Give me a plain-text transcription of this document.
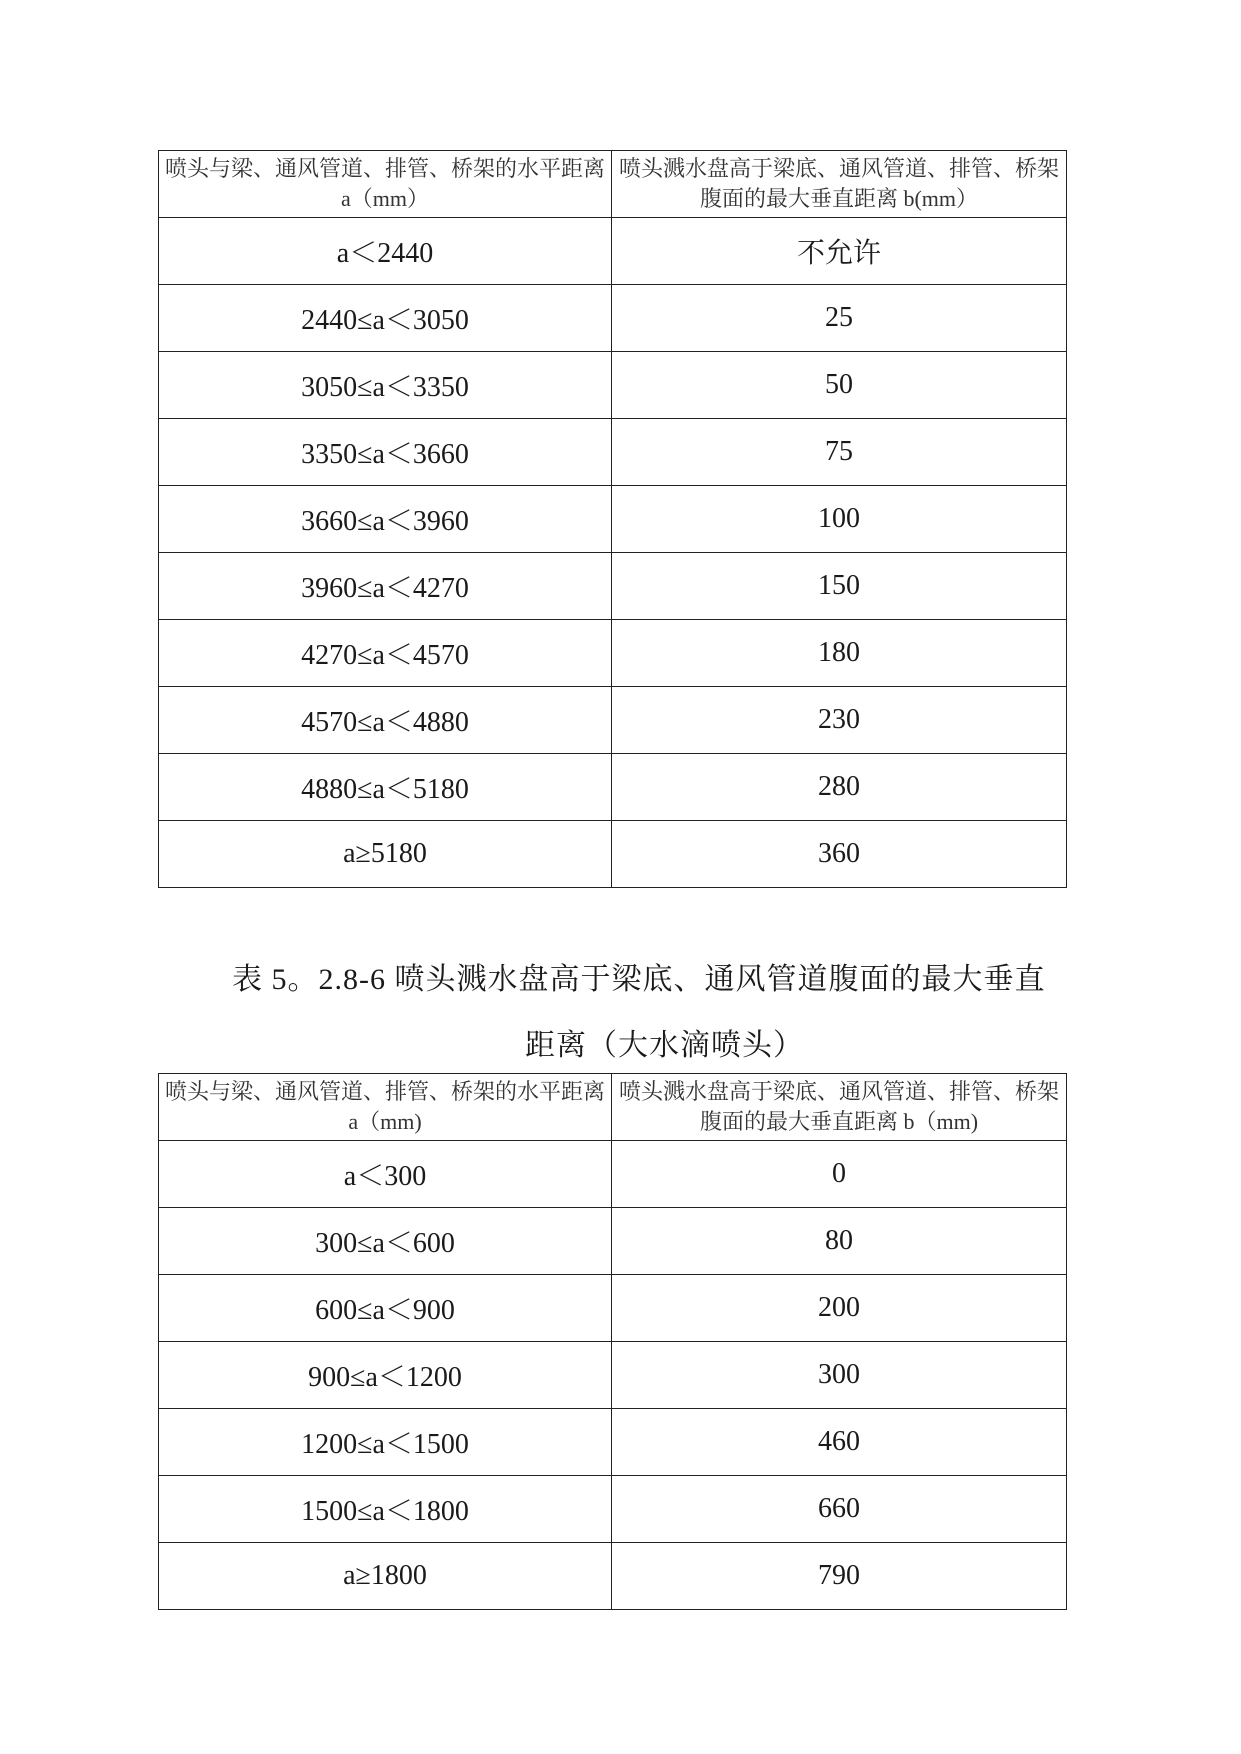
喷头与梁、通风管道、排管、桥架的水平距离 a（mm）	喷头溅水盘高于梁底、通风管道、排管、桥架腹面的最大垂直距离 b(mm）
a＜2440	不允许
2440≤a＜3050	25
3050≤a＜3350	50
3350≤a＜3660	75
3660≤a＜3960	100
3960≤a＜4270	150
4270≤a＜4570	180
4570≤a＜4880	230
4880≤a＜5180	280
a≥5180	360
表 5。2.8-6 喷头溅水盘高于梁底、通风管道腹面的最大垂直
距离（大水滴喷头）
喷头与梁、通风管道、排管、桥架的水平距离 a（mm)	喷头溅水盘高于梁底、通风管道、排管、桥架腹面的最大垂直距离 b（mm)
a＜300	0
300≤a＜600	80
600≤a＜900	200
900≤a＜1200	300
1200≤a＜1500	460
1500≤a＜1800	660
a≥1800	790
